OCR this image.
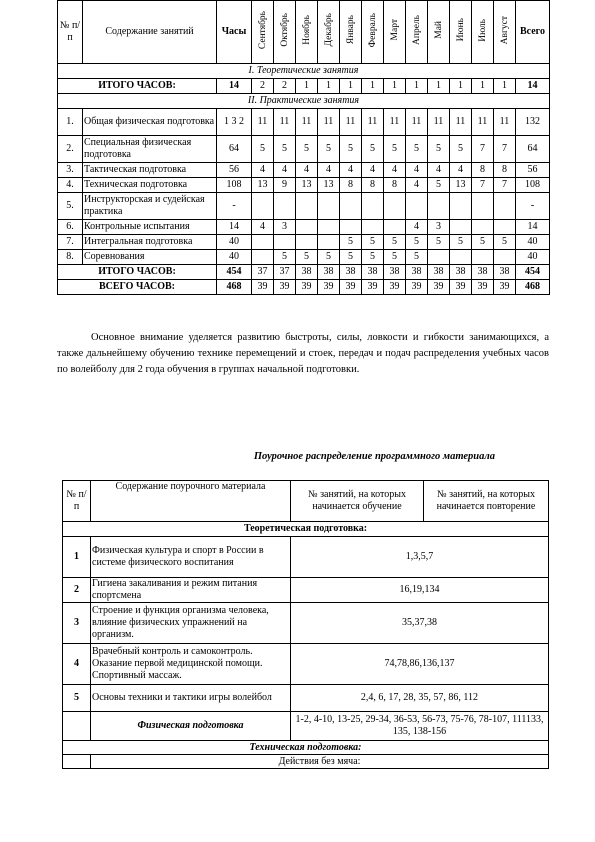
№ п/п	Содержание занятий	Часы	Сентябрь	Октябрь	Ноябрь	Декабрь	Январь	Февраль	Март	Апрель	Май	Июнь	Июль	Август	Всего
I. Теоретические занятия															
ИТОГО ЧАСОВ:		14	2	2	1	1	1	1	1	1	1	1	1	1	14
II. Практические занятия															
1.	Общая физическая подготовка	1 3 2	11	11	11	11	11	11	11	11	11	11	11	11	132
2.	Специальная физическая подготовка	64	5	5	5	5	5	5	5	5	5	5	7	7	64
3.	Тактическая подготовка	56	4	4	4	4	4	4	4	4	4	4	8	8	56
4.	Техническая подготовка	108	13	9	13	13	8	8	8	4	5	13	7	7	108
5.	Инструкторская и судейская практика	-													-
6.	Контрольные испытания	14	4	3						4	3				14
7.	Интегральная подготовка	40					5	5	5	5	5	5	5	5	40
8.	Соревнования	40		5	5	5	5	5	5	5					40
ИТОГО ЧАСОВ:		454	37	37	38	38	38	38	38	38	38	38	38	38	454
ВСЕГО ЧАСОВ:		468	39	39	39	39	39	39	39	39	39	39	39	39	468

Основное внимание уделяется развитию быстроты, силы, ловкости и гибкости занимающихся, а также дальнейшему обучению технике перемещений и стоек, передач и подач распределения учебных часов по волейболу для 2 года обучения в группах начальной подготовки.

Поурочное распределение программного материала
№ п/п	Содержание поурочного материала	№ занятий, на которых начинается обучение	№ занятий, на которых начинается повторение
Теоретическая подготовка:			
1	Физическая культура и спорт в России в системе физического воспитания	1,3,5,7	
2	Гигиена закаливания и режим питания спортсмена	16,19,134	
3	Строение и функция организма человека, влияние физических упражнений на организм.	35,37,38	
4	Врачебный контроль и самоконтроль. Оказание первой медицинской помощи. Спортивный массаж.	74,78,86,136,137	
5	Основы техники и тактики игры волейбол	2,4, 6, 17, 28, 35, 57, 86, 112	
	Физическая подготовка	1-2, 4-10, 13-25, 29-34, 36-53, 56-73, 75-76, 78-107, 111133, 135, 138-156	
Техническая подготовка:			
	Действия без мяча:		
